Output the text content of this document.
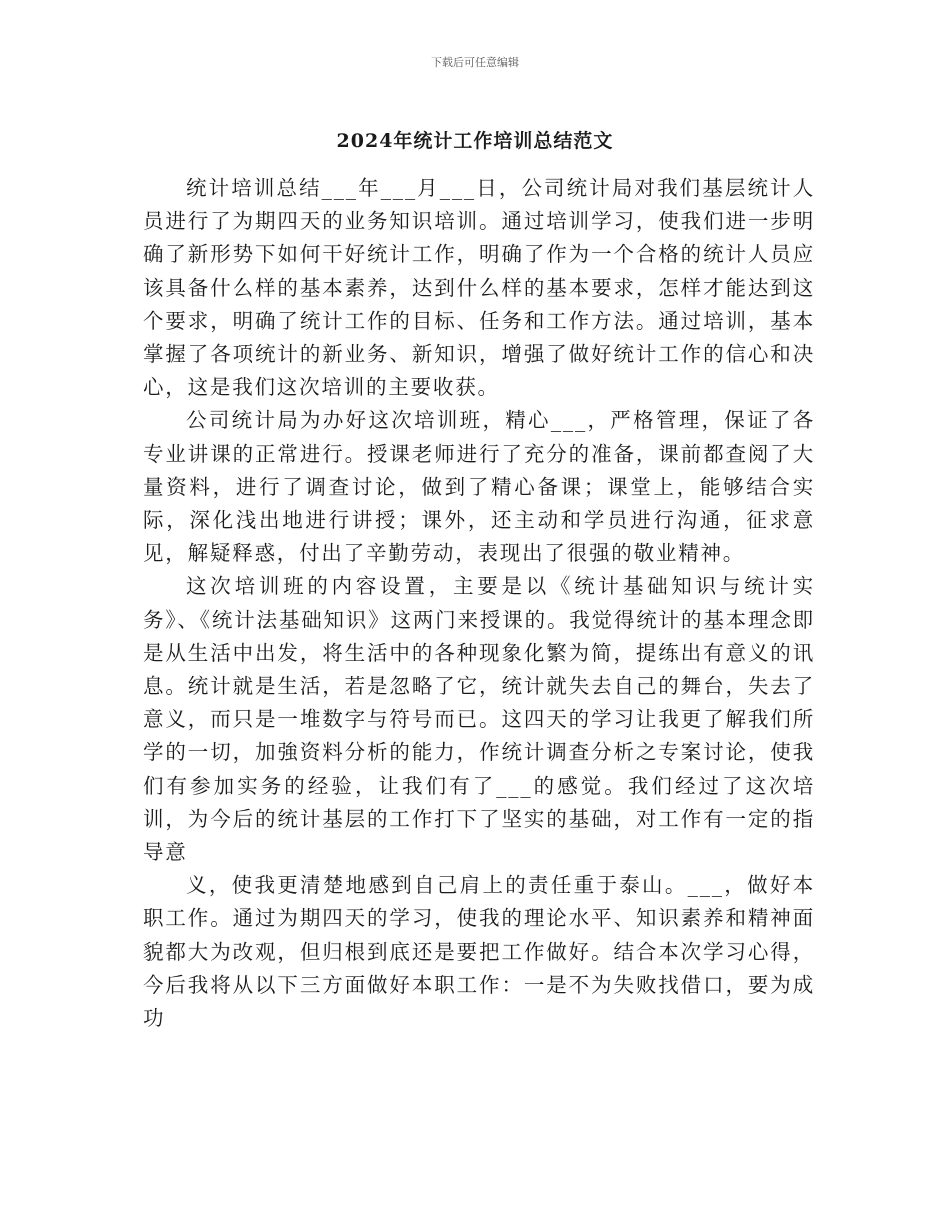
下载后可任意编辑
2024年统计工作培训总结范文

统计培训总结___年___月___日，公司统计局对我们基层统计人员进行了为期四天的业务知识培训。通过培训学习，使我们进一步明确了新形势下如何干好统计工作，明确了作为一个合格的统计人员应该具备什么样的基本素养，达到什么样的基本要求，怎样才能达到这个要求，明确了统计工作的目标、任务和工作方法。通过培训，基本掌握了各项统计的新业务、新知识，增强了做好统计工作的信心和决心，这是我们这次培训的主要收获。

公司统计局为办好这次培训班，精心___，严格管理，保证了各专业讲课的正常进行。授课老师进行了充分的准备，课前都查阅了大量资料，进行了调查讨论，做到了精心备课；课堂上，能够结合实际，深化浅出地进行讲授；课外，还主动和学员进行沟通，征求意见，解疑释惑，付出了辛勤劳动，表现出了很强的敬业精神。

这次培训班的内容设置，主要是以《统计基础知识与统计实务》、《统计法基础知识》这两门来授课的。我觉得统计的基本理念即是从生活中出发，将生活中的各种现象化繁为简，提练出有意义的讯息。统计就是生活，若是忽略了它，统计就失去自己的舞台，失去了意义，而只是一堆数字与符号而已。这四天的学习让我更了解我们所学的一切，加強资料分析的能力，作统计调查分析之专案讨论，使我们有参加实务的经验，让我们有了___的感觉。我们经过了这次培训，为今后的统计基层的工作打下了坚实的基础，对工作有一定的指导意

义，使我更清楚地感到自己肩上的责任重于泰山。___，做好本职工作。通过为期四天的学习，使我的理论水平、知识素养和精神面貌都大为改观，但归根到底还是要把工作做好。结合本次学习心得，今后我将从以下三方面做好本职工作：一是不为失败找借口，要为成功
